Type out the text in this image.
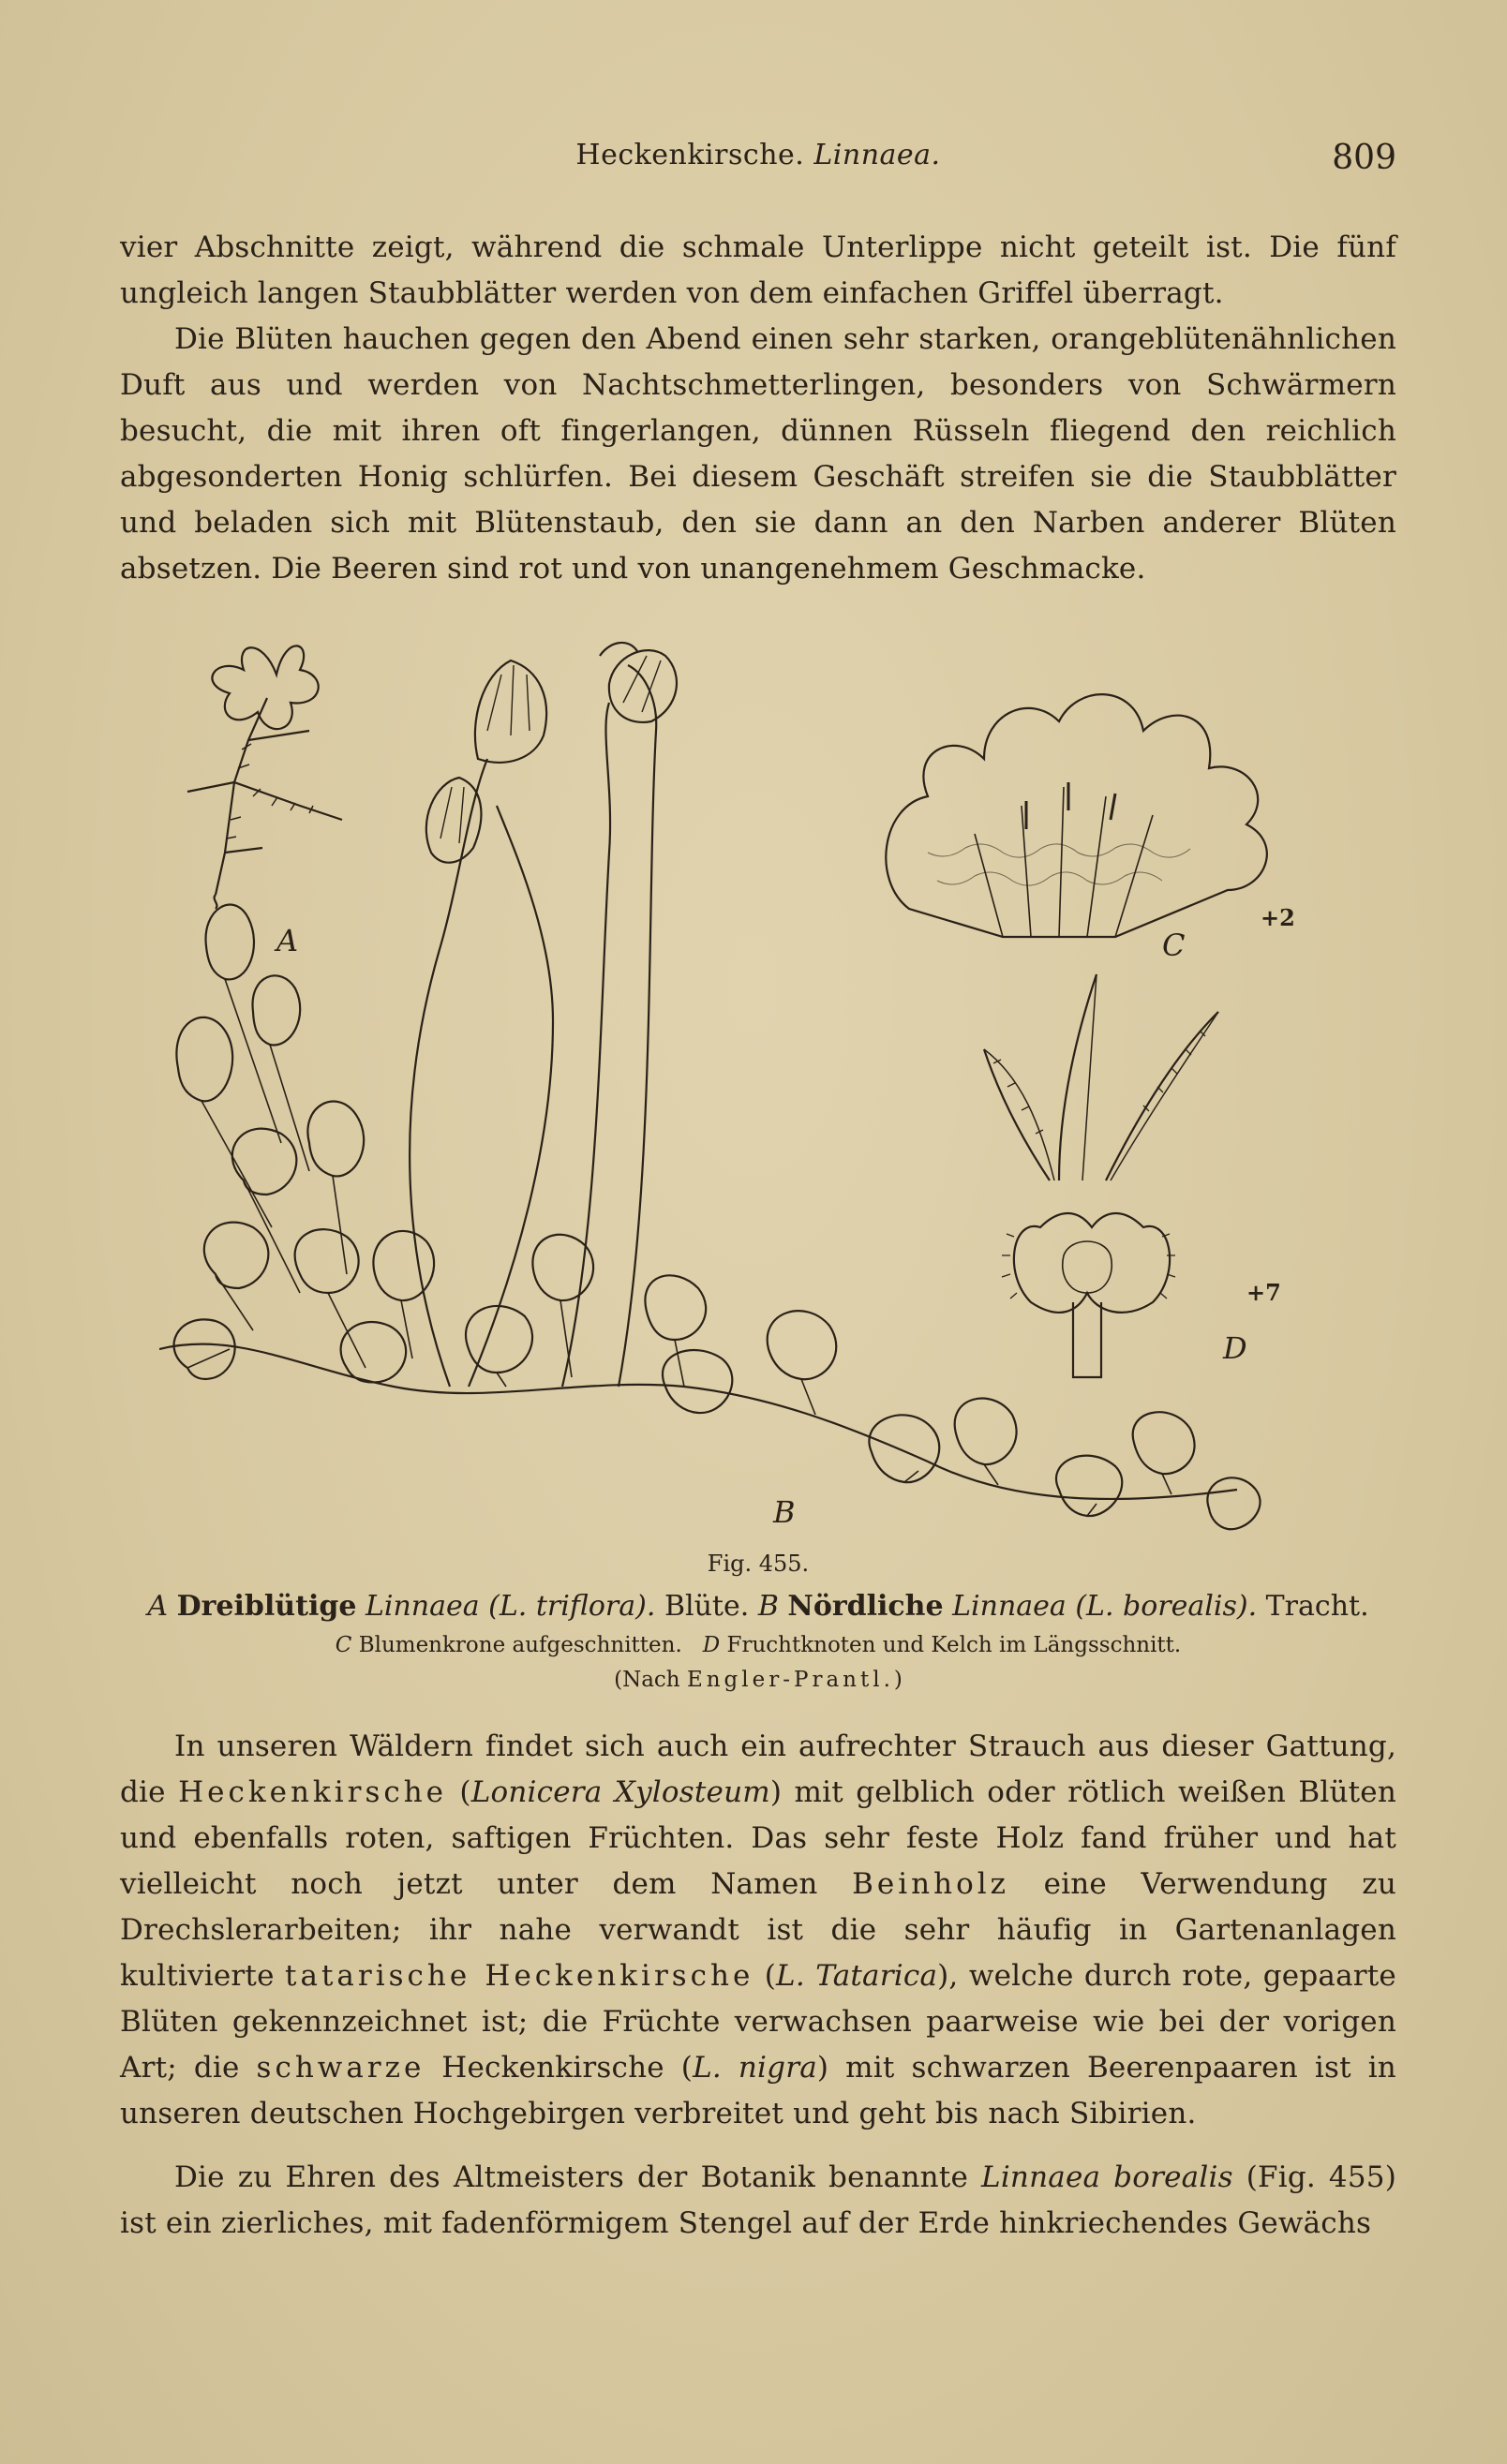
Heckenkirsche. Linnaea.	809

vier Abschnitte zeigt, während die schmale Unterlippe nicht geteilt ist. Die fünf ungleich langen Staubblätter werden von dem einfachen Griffel überragt.

Die Blüten hauchen gegen den Abend einen sehr starken, orangeblütenähnlichen Duft aus und werden von Nachtschmetterlingen, besonders von Schwärmern besucht, die mit ihren oft fingerlangen, dünnen Rüsseln fliegend den reichlich abgesonderten Honig schlürfen. Bei diesem Geschäft streifen sie die Staubblätter und beladen sich mit Blütenstaub, den sie dann an den Narben anderer Blüten absetzen. Die Beeren sind rot und von unangenehmem Geschmacke.

A
B
C
D
+2
+7

Fig. 455.

A Dreiblütige Linnaea (L. triflora). Blüte. B Nördliche Linnaea (L. borealis). Tracht.

C Blumenkrone aufgeschnitten. D Fruchtknoten und Kelch im Längsschnitt.

(Nach Engler-Prantl.)

In unseren Wäldern findet sich auch ein aufrechter Strauch aus dieser Gattung, die Heckenkirsche (Lonicera Xylosteum) mit gelblich oder rötlich weißen Blüten und ebenfalls roten, saftigen Früchten. Das sehr feste Holz fand früher und hat vielleicht noch jetzt unter dem Namen Beinholz eine Verwendung zu Drechslerarbeiten; ihr nahe verwandt ist die sehr häufig in Gartenanlagen kultivierte tatarische Heckenkirsche (L. Tatarica), welche durch rote, gepaarte Blüten gekennzeichnet ist; die Früchte verwachsen paarweise wie bei der vorigen Art; die schwarze Heckenkirsche (L. nigra) mit schwarzen Beerenpaaren ist in unseren deutschen Hochgebirgen verbreitet und geht bis nach Sibirien.

Die zu Ehren des Altmeisters der Botanik benannte Linnaea borealis (Fig. 455) ist ein zierliches, mit fadenförmigem Stengel auf der Erde hinkriechendes Gewächs
